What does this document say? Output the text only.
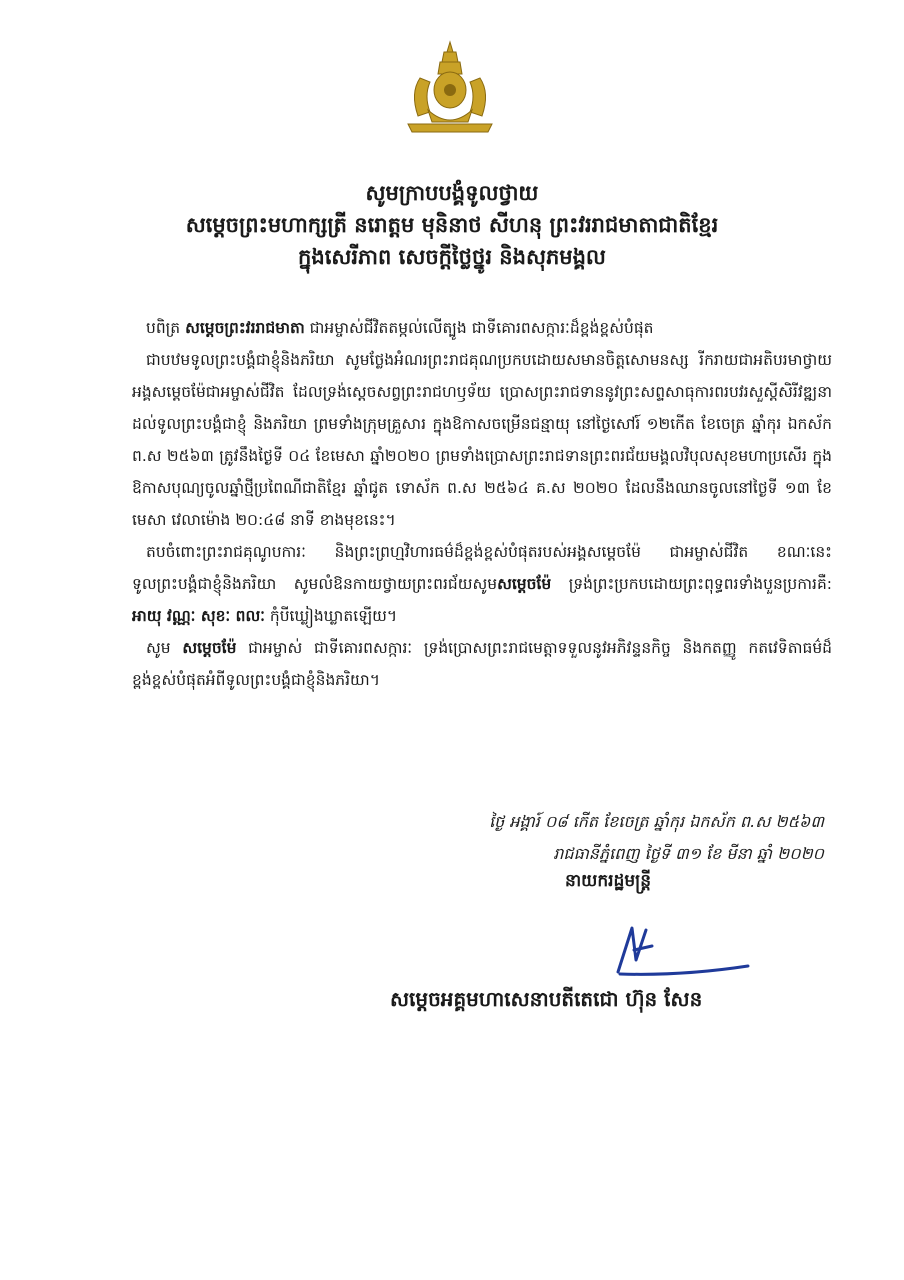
សូមក្រាបបង្គំទូលថ្វាយ
សម្តេចព្រះមហាក្សត្រី នរោត្តម មុនិនាថ សីហនុ ព្រះវររាជមាតាជាតិខ្មែរ
ក្នុងសេរីភាព សេចក្តីថ្លៃថ្នូរ និងសុភមង្គល

បពិត្រ សម្តេចព្រះវររាជមាតា ជាអម្ចាស់ជីវិតតម្កល់លើត្បូង ជាទីគោរពសក្ការៈដ៏ខ្ពង់ខ្ពស់បំផុត

ជាបឋមទូលព្រះបង្គំជាខ្ញុំនិងភរិយា សូមថ្លែងអំណរព្រះរាជគុណប្រកបដោយសមានចិត្តសោមនស្ស រីករាយជាអតិបរមាថ្វាយអង្គសម្តេចម៉ែជាអម្ចាស់ជីវិត ដែលទ្រង់ស្តេចសព្វព្រះរាជហឫទ័យ ប្រោសព្រះរាជទាននូវព្រះសព្ទសាធុការពរបវរសួស្តីសិរីវឌ្ឍនាដល់ទូលព្រះបង្គំជាខ្ញុំ និងភរិយា ព្រមទាំងក្រុមគ្រួសារ ក្នុងឱកាសចម្រើនជន្មាយុ នៅថ្ងៃសៅរ៍ ១២កើត ខែចេត្រ ឆ្នាំកុរ ឯកស័ក ព.ស ២៥៦៣ ត្រូវនឹងថ្ងៃទី ០៤ ខែមេសា ឆ្នាំ២០២០ ព្រមទាំងប្រោសព្រះរាជទានព្រះពរជ័យមង្គលវិបុលសុខមហាប្រសើរ ក្នុងឱកាសបុណ្យចូលឆ្នាំថ្មីប្រពៃណីជាតិខ្មែរ ឆ្នាំជូត ទោស័ក ព.ស ២៥៦៤ គ.ស ២០២០ ដែលនឹងឈានចូលនៅថ្ងៃទី ១៣ ខែមេសា វេលាម៉ោង ២០:៤៨ នាទី ខាងមុខនេះ។

តបចំពោះព្រះរាជគុណូបការៈ និងព្រះព្រហ្មវិហារធម៌ដ៏ខ្ពង់ខ្ពស់បំផុតរបស់អង្គសម្តេចម៉ែ ជាអម្ចាស់ជីវិត ខណៈនេះទូលព្រះបង្គំជាខ្ញុំនិងភរិយា សូមលំឱនកាយថ្វាយព្រះពរជ័យសូមសម្តេចម៉ែ ទ្រង់ព្រះប្រកបដោយព្រះពុទ្ធពរទាំងបួនប្រការគឺ: អាយុ វណ្ណៈ សុខៈ ពលៈ កុំបីឃ្លៀងឃ្លាតឡើយ។

សូម សម្តេចម៉ែ ជាអម្ចាស់ ជាទីគោរពសក្ការៈ ទ្រង់ប្រោសព្រះរាជមេត្តាទទួលនូវអភិវន្ទនកិច្ច និងកតញ្ញូ កតវេទិតាធម៌ដ៏ខ្ពង់ខ្ពស់បំផុតអំពីទូលព្រះបង្គំជាខ្ញុំនិងភរិយា។

ថ្ងៃ អង្គារ៍ ០៨ កើត ខែចេត្រ ឆ្នាំកុរ ឯកស័ក ព.ស ២៥៦៣
រាជធានីភ្នំពេញ ថ្ងៃទី ៣១ ខែ មីនា ឆ្នាំ ២០២០
នាយករដ្ឋមន្ត្រី
សម្តេចអគ្គមហាសេនាបតីតេជោ ហ៊ុន សែន
